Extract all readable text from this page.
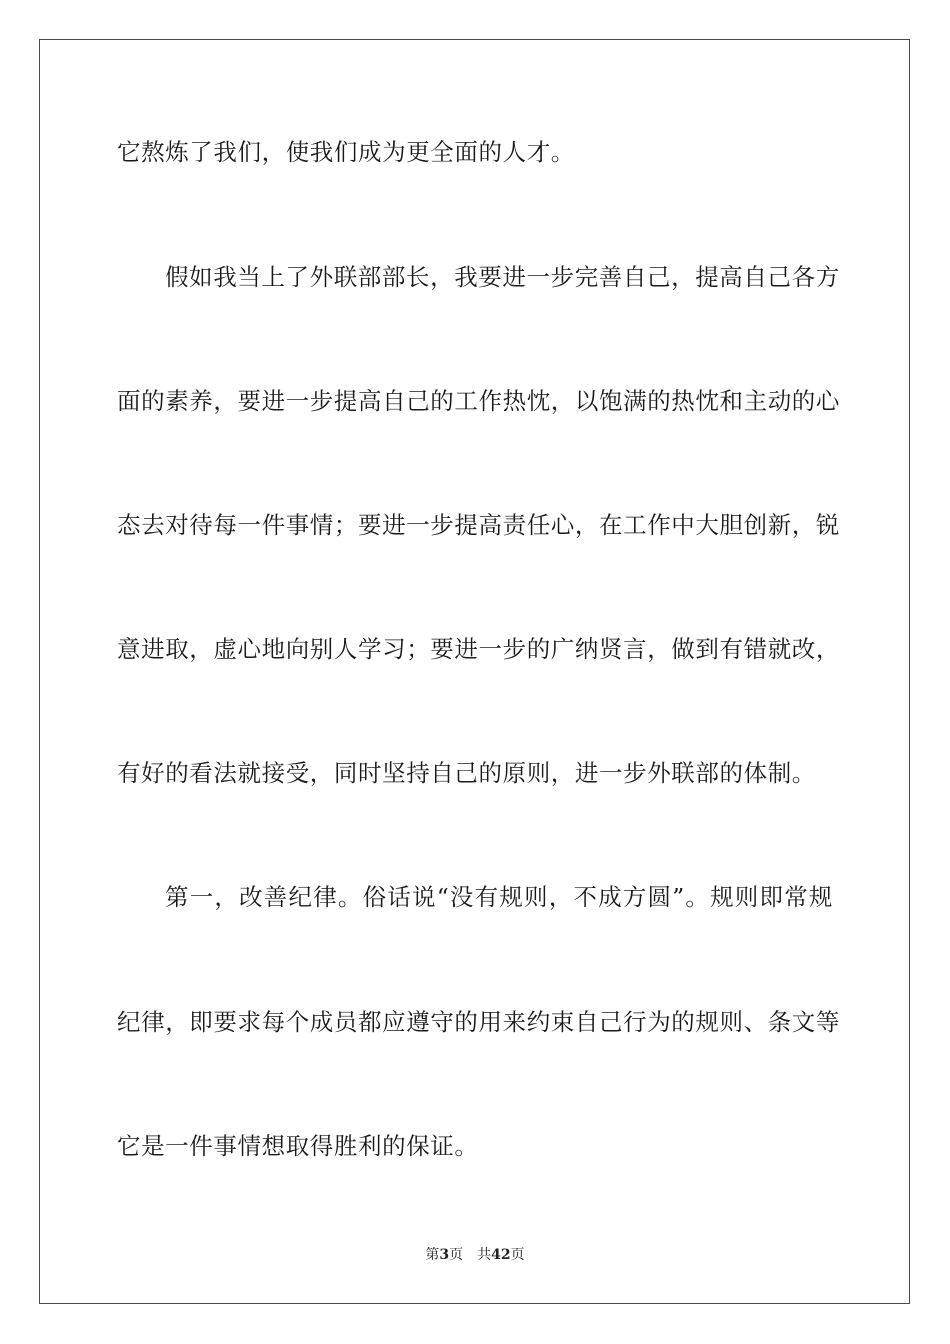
它熬炼了我们，使我们成为更全面的人才。
假如我当上了外联部部长，我要进一步完善自己，提高自己各方
面的素养，要进一步提高自己的工作热忱，以饱满的热忱和主动的心
态去对待每一件事情；要进一步提高责任心，在工作中大胆创新，锐
意进取，虚心地向别人学习；要进一步的广纳贤言，做到有错就改，
有好的看法就接受，同时坚持自己的原则，进一步外联部的体制。
第一，改善纪律。俗话说“没有规则，不成方圆”。规则即常规
纪律，即要求每个成员都应遵守的用来约束自己行为的规则、条文等
它是一件事情想取得胜利的保证。
第3页 共42页
